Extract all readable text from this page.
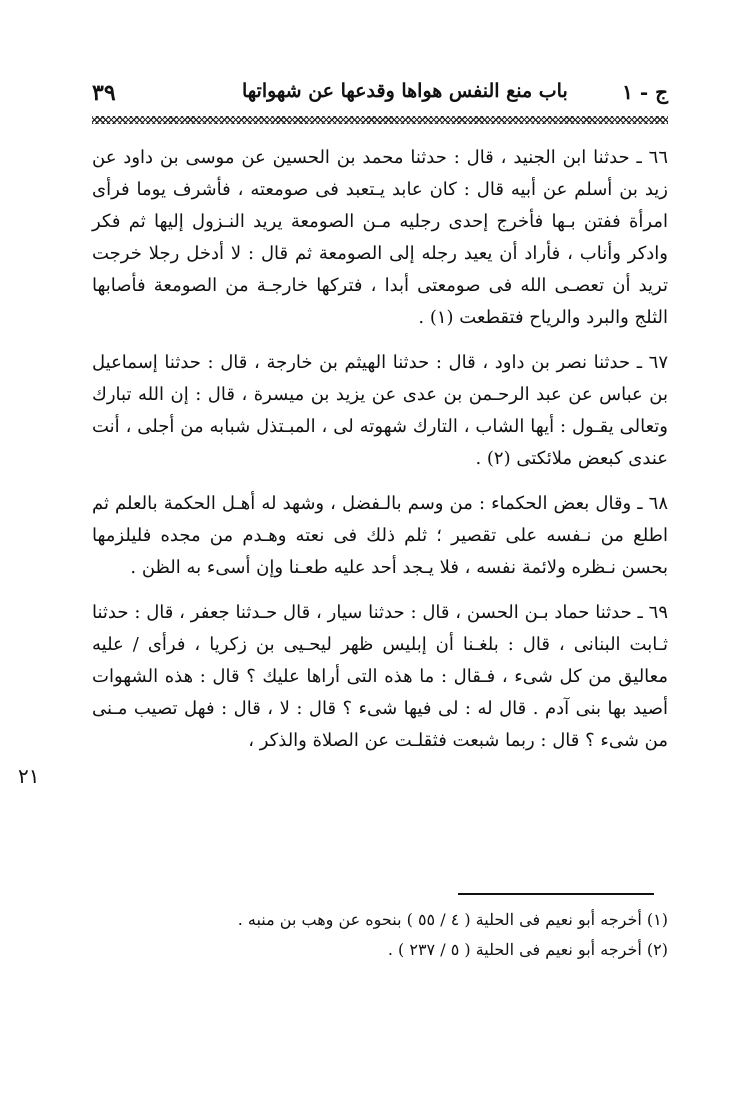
٣٩	باب منع النفس هواها وقدعها عن شهواتها	ج - ١

٦٦ ـ حدثنا ابن الجنيد ، قال : حدثنا محمد بن الحسين عن موسى بن داود عن زيد بن أسلم عن أبيه قال : كان عابد يـتعبد فى صومعته ، فأشرف يوما فرأى امرأة ففتن بـها فأخرج إحدى رجليه مـن الصومعة يريد النـزول إليها ثم فكر وادكر وأناب ، فأراد أن يعيد رجله إلى الصومعة ثم قال : لا أدخل رجلا خرجت تريد أن تعصـى الله فى صومعتى أبدا ، فتركها خارجـة من الصومعة فأصابها الثلج والبرد والرياح فتقطعت (١) .

٦٧ ـ حدثنا نصر بن داود ، قال : حدثنا الهيثم بن خارجة ، قال : حدثنا إسماعيل بن عباس عن عبد الرحـمن بن عدى عن يزيد بن ميسرة ، قال : إن الله تبارك وتعالى يقـول : أيها الشاب ، التارك شهوته لى ، المبـتذل شبابه من أجلى ، أنت عندى كبعض ملائكتى (٢) .

٦٨ ـ وقال بعض الحكماء : من وسم بالـفضل ، وشهد له أهـل الحكمة بالعلم ثم اطلع من نـفسه على تقصير ؛ ثلم ذلك فى نعته وهـدم من مجده فليلزمها بحسن نـظره ولائمة نفسه ، فلا يـجد أحد عليه طعـنا وإن أسىء به الظن .

٦٩ ـ حدثنا حماد بـن الحسن ، قال : حدثنا سيار ، قال حـدثنا جعفر ، قال : حدثنا ثـابت البنانى ، قال : بلغـنا أن إبليس ظهر ليحـيى بن زكريا ، فرأى / عليه معاليق من كل شىء ، فـقال : ما هذه التى أراها عليك ؟ قال : هذه الشهوات أصيد بها بنى آدم . قال له : لى فيها شىء ؟ قال : لا ، قال : فهل تصيب مـنى من شىء ؟ قال : ربما شبعت فثقلـت عن الصلاة والذكر ،

٢١

(١) أخرجه أبو نعيم فى الحلية ( ٤ / ٥٥ ) بنحوه عن وهب بن منبه .

(٢) أخرجه أبو نعيم فى الحلية ( ٥ / ٢٣٧ ) .
